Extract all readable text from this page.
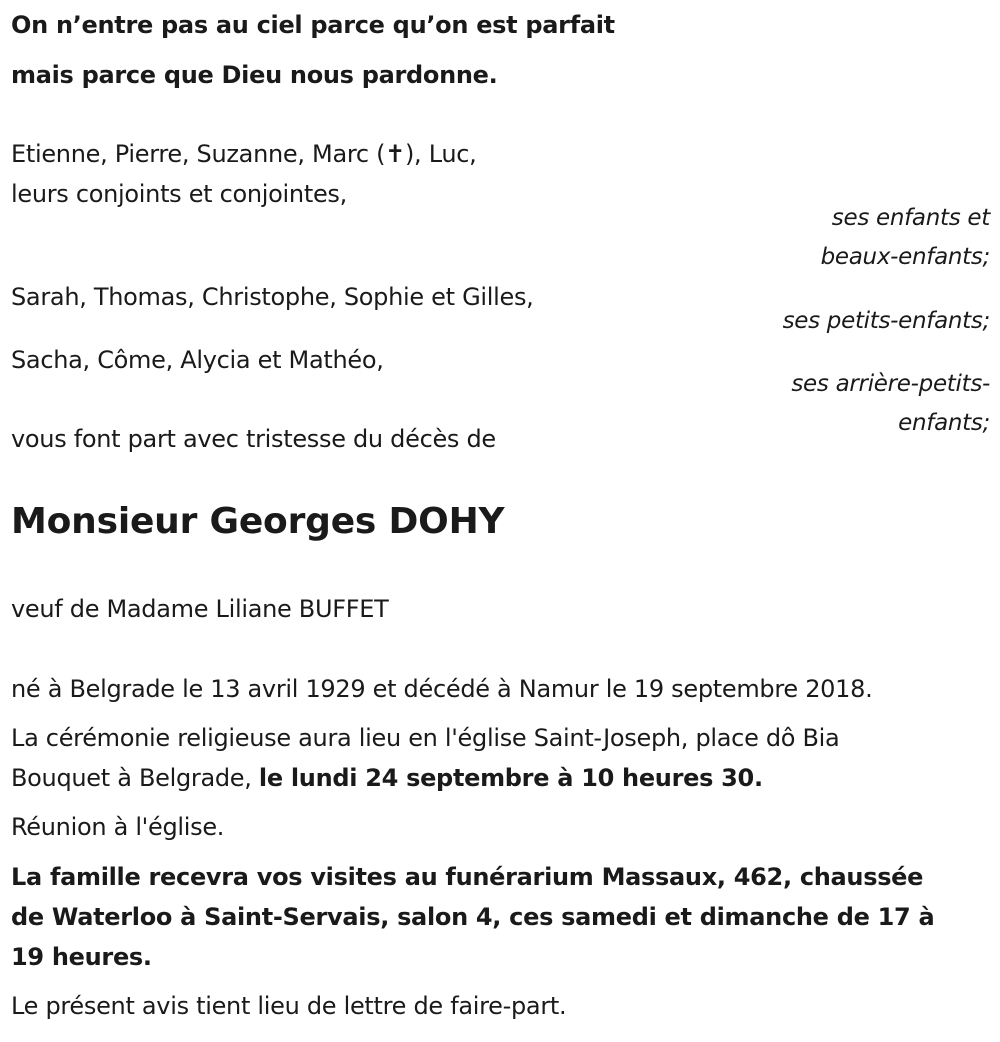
On n’entre pas au ciel parce qu’on est parfait

mais parce que Dieu nous pardonne.

Etienne, Pierre, Suzanne, Marc (✝), Luc,

leurs conjoints et conjointes,

ses enfants et

beaux-enfants;

Sarah, Thomas, Christophe, Sophie et Gilles,

ses petits-enfants;

Sacha, Côme, Alycia et Mathéo,

ses arrière-petits-

enfants;

vous font part avec tristesse du décès de

Monsieur Georges DOHY

veuf de Madame Liliane BUFFET

né à Belgrade le 13 avril 1929 et décédé à Namur le 19 septembre 2018.

La cérémonie religieuse aura lieu en l'église Saint-Joseph, place dô Bia

Bouquet à Belgrade, le lundi 24 septembre à 10 heures 30.

Réunion à l'église.

La famille recevra vos visites au funérarium Massaux, 462, chaussée

de Waterloo à Saint-Servais, salon 4, ces samedi et dimanche de 17 à

19 heures.

Le présent avis tient lieu de lettre de faire-part.
